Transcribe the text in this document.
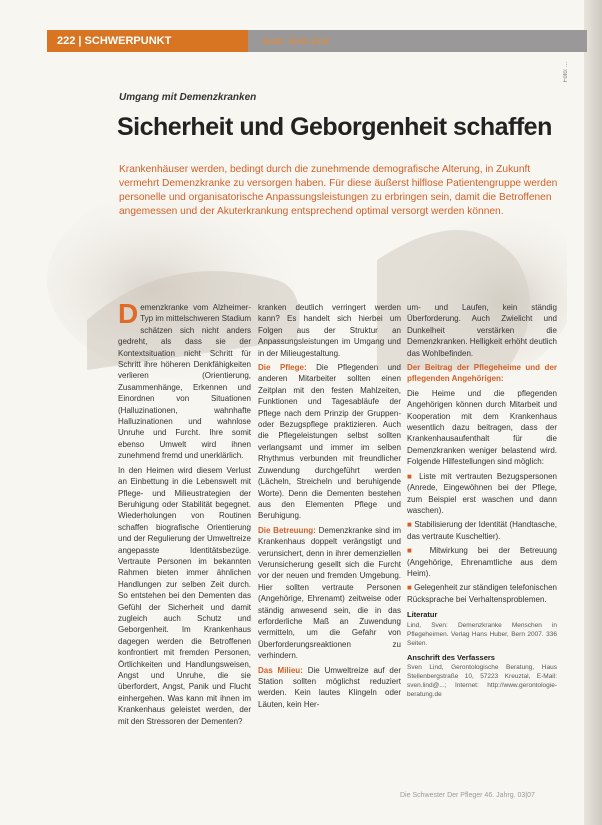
222 | SCHWERPUNKT	Autor: Sven Lind
Foto: ...
Umgang mit Demenzkranken
Sicherheit und Geborgenheit schaffen
Krankenhäuser werden, bedingt durch die zunehmende demografische Alterung, in Zukunft vermehrt Demenzkranke zu versorgen haben. Für diese äußerst hilflose Patientengruppe werden personelle und organisatorische Anpassungsleistungen zu erbringen sein, damit die Betroffenen angemessen und der Akuterkrankung entsprechend optimal versorgt werden können.

Demenzkranke vom Alzheimer-Typ im mittelschweren Stadium schätzen sich nicht anders gedreht, als dass sie der Kontextsituation nicht Schritt für Schritt ihre höheren Denkfähigkeiten verlieren (Orientierung, Zusammenhänge, Erkennen und Einordnen von Situationen (Halluzinationen, wahnhafte Halluzinationen und wahnlose Unruhe und Furcht. Ihre somit ebenso Umwelt wird ihnen zunehmend fremd und unerklärlich.

In den Heimen wird diesem Verlust an Einbettung in die Lebenswelt mit Pflege- und Milieustrategien der Beruhigung oder Stabilität begegnet. Wiederholungen von Routinen schaffen biografische Orientierung und der Regulierung der Umweltreize angepasste Identitätsbezüge. Vertraute Personen im bekannten Rahmen bieten immer ähnlichen Handlungen zur selben Zeit durch. So entstehen bei den Dementen das Gefühl der Sicherheit und damit zugleich auch Schutz und Geborgenheit. Im Krankenhaus dagegen werden die Betroffenen konfrontiert mit fremden Personen, Örtlichkeiten und Handlungsweisen, Angst und Unruhe, die sie überfordert, Angst, Panik und Flucht einhergehen. Was kann mit ihnen im Krankenhaus geleistet werden, der mit den Stressoren der Dementen?

kranken deutlich verringert werden kann? Es handelt sich hierbei um Folgen aus der Struktur an Anpassungsleistungen im Umgang und in der Milieugestaltung.

Die Pflege: Die Pflegenden und anderen Mitarbeiter sollten einen Zeitplan mit den festen Mahlzeiten, Funktionen und Tagesabläufe der Pflege nach dem Prinzip der Gruppen- oder Bezugspflege praktizieren. Auch die Pflegeleistungen selbst sollten verlangsamt und immer im selben Rhythmus verbunden mit freundlicher Zuwendung durchgeführt werden (Lächeln, Streicheln und beruhigende Worte). Denn die Dementen bestehen aus den Elementen Pflege und Beruhigung.

Die Betreuung: Demenzkranke sind im Krankenhaus doppelt verängstigt und verunsichert, denn in ihrer demenziellen Verunsicherung gesellt sich die Furcht vor der neuen und fremden Umgebung. Hier sollten vertraute Personen (Angehörige, Ehrenamt) zeitweise oder ständig anwesend sein, die in das erforderliche Maß an Zuwendung vermitteln, um die Gefahr von Überforderungsreaktionen zu verhindern.

Das Milieu: Die Umweltreize auf der Station sollten möglichst reduziert werden. Kein lautes Klingeln oder Läuten, kein Her-

um- und Laufen, kein ständig Überforderung. Auch Zwielicht und Dunkelheit verstärken die Demenzkranken. Helligkeit erhöht deutlich das Wohlbefinden.

Der Beitrag der Pflegeheime und der pflegenden Angehörigen:

Die Heime und die pflegenden Angehörigen können durch Mitarbeit und Kooperation mit dem Krankenhaus wesentlich dazu beitragen, dass der Krankenhausaufenthalt für die Demenzkranken weniger belastend wird. Folgende Hilfestellungen sind möglich:

■ Liste mit vertrauten Bezugspersonen (Anrede, Eingewöhnen bei der Pflege, zum Beispiel erst waschen und dann waschen).

■ Stabilisierung der Identität (Handtasche, das vertraute Kuscheltier).

■ Mitwirkung bei der Betreuung (Angehörige, Ehrenamtliche aus dem Heim).

■ Gelegenheit zur ständigen telefonischen Rücksprache bei Verhaltensproblemen.

Literatur
Lind, Sven: Demenzkranke Menschen in Pflegeheimen. Verlag Hans Huber, Bern 2007. 336 Seiten.
Anschrift des Verfassers
Sven Lind, Gerontologische Beratung, Haus Stellenbergstraße 10, 57223 Kreuztal, E-Mail: sven.lind@...; Internet: http://www.gerontologie-beratung.de
Die Schwester Der Pfleger 46. Jahrg. 03|07
